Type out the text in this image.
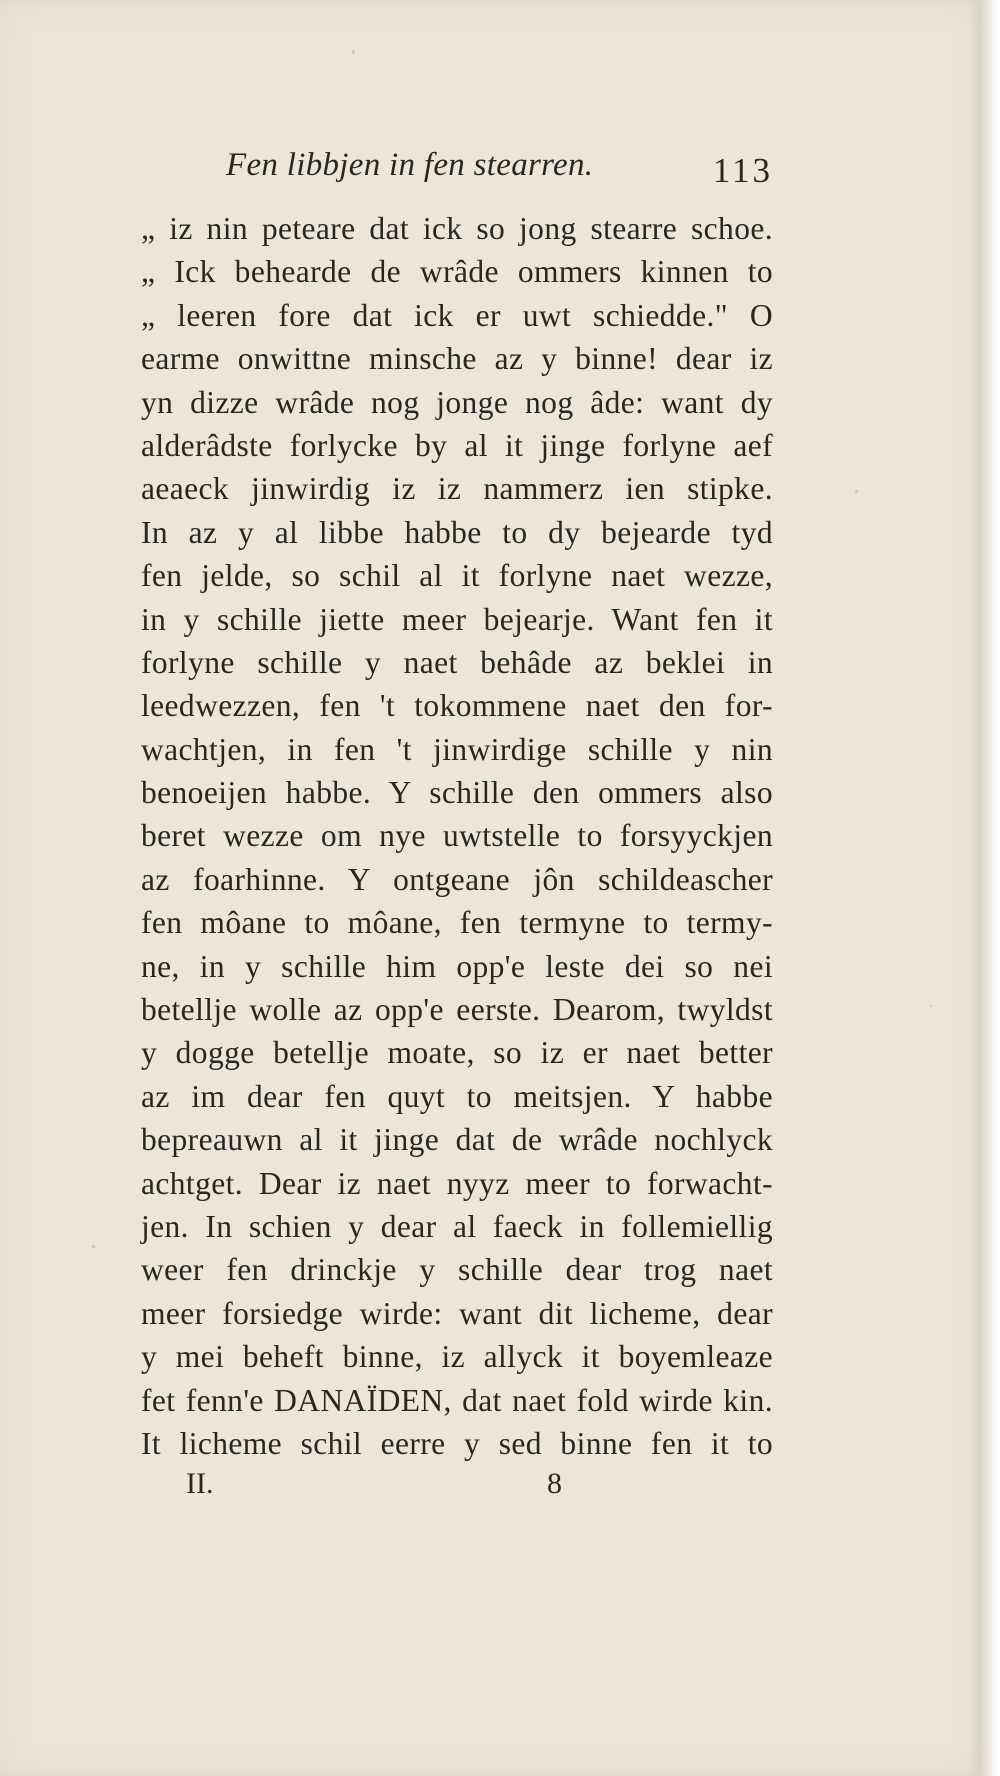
Fen libbjen in fen stearren.	113
„ iz nin peteare dat ick so jong stearre schoe.
„ Ick behearde de wrâde ommers kinnen to
„ leeren fore dat ick er uwt schiedde." O
earme onwittne minsche az y binne! dear iz
yn dizze wrâde nog jonge nog âde: want dy
alderâdste forlycke by al it jinge forlyne aef
aeaeck jinwirdig iz iz nammerz ien stipke.
In az y al libbe habbe to dy bejearde tyd
fen jelde, so schil al it forlyne naet wezze,
in y schille jiette meer bejearje. Want fen it
forlyne schille y naet behâde az beklei in
leedwezzen, fen 't tokommene naet den for-
wachtjen, in fen 't jinwirdige schille y nin
benoeijen habbe. Y schille den ommers also
beret wezze om nye uwtstelle to forsyyckjen
az foarhinne. Y ontgeane jôn schildeascher
fen môane to môane, fen termyne to termy-
ne, in y schille him opp'e leste dei so nei
betellje wolle az opp'e eerste. Dearom, twyldst
y dogge betellje moate, so iz er naet better
az im dear fen quyt to meitsjen. Y habbe
bepreauwn al it jinge dat de wrâde nochlyck
achtget. Dear iz naet nyyz meer to forwacht-
jen. In schien y dear al faeck in follemiellig
weer fen drinckje y schille dear trog naet
meer forsiedge wirde: want dit licheme, dear
y mei beheft binne, iz allyck it boyemleaze
fet fenn'e DANAÏDEN, dat naet fold wirde kin.
It licheme schil eerre y sed binne fen it to
II.	8
